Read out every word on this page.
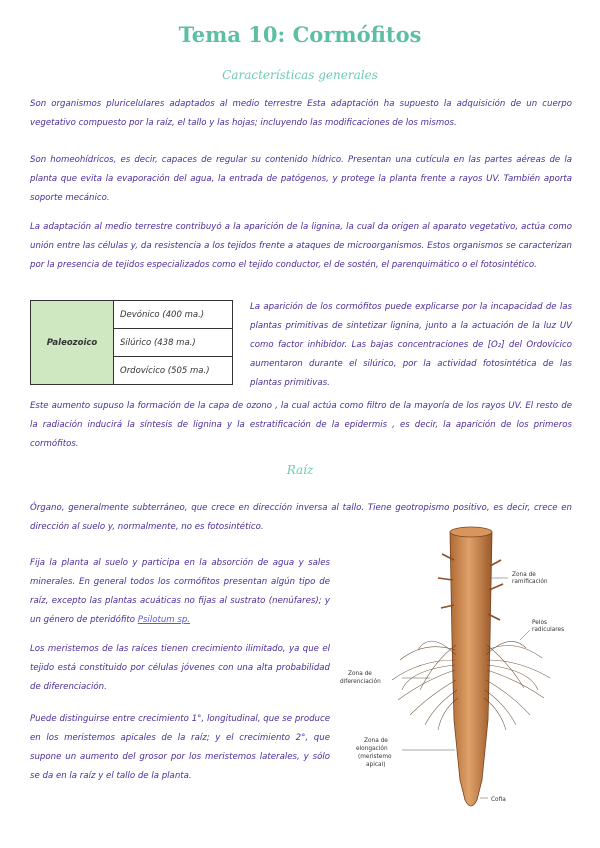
Tema 10: Cormófitos
Características generales

Son organismos pluricelulares adaptados al medio terrestre Esta adaptación ha supuesto la adquisición de un cuerpo vegetativo compuesto por la raíz, el tallo y las hojas; incluyendo las modificaciones de los mismos.

Son homeohídricos, es decir, capaces de regular su contenido hídrico. Presentan una cutícula en las partes aéreas de la planta que evita la evaporación del agua, la entrada de patógenos, y protege la planta frente a rayos UV. También aporta soporte mecánico.

La adaptación al medio terrestre contribuyó a la aparición de la lignina, la cual da origen al aparato vegetativo, actúa como unión entre las células y, da resistencia a los tejidos frente a ataques de microorganismos. Estos organismos se caracterizan por la presencia de tejidos especializados como el tejido conductor, el de sostén, el parenquimático o el fotosintético.

Paleozoico	Devónico (400 ma.)
Silúrico (438 ma.)
Ordovícico (505 ma.)

La aparición de los cormófitos puede explicarse por la incapacidad de las plantas primitivas de sintetizar lignina, junto a la actuación de la luz UV como factor inhibidor. Las bajas concentraciones de [O₂] del Ordovícico aumentaron durante el silúrico, por la actividad fotosintética de las plantas primitivas.

Este aumento supuso la formación de la capa de ozono , la cual actúa como filtro de la mayoría de los rayos UV. El resto de la radiación inducirá la síntesis de lignina y la estratificación de la epidermis , es decir, la aparición de los primeros cormófitos.

Raíz

Órgano, generalmente subterráneo, que crece en dirección inversa al tallo. Tiene geotropismo positivo, es decir, crece en dirección al suelo y, normalmente, no es fotosintético.

Fija la planta al suelo y participa en la absorción de agua y sales minerales. En general todos los cormófitos presentan algún tipo de raíz, excepto las plantas acuáticas no fijas al sustrato (nenúfares); y un género de pteridófito Psilotum sp.

Los meristemos de las raíces tienen crecimiento ilimitado, ya que el tejido está constituido por células jóvenes con una alta probabilidad de diferenciación.

Puede distinguirse entre crecimiento 1°, longitudinal, que se produce en los meristemos apicales de la raíz; y el crecimiento 2°, que supone un aumento del grosor por los meristemos laterales, y sólo se da en la raíz y el tallo de la planta.

Zona de
ramificación
Pelos
radiculares
Zona de
diferenciación
Zona de
elongación
(meristemo
apical)
Cofia
